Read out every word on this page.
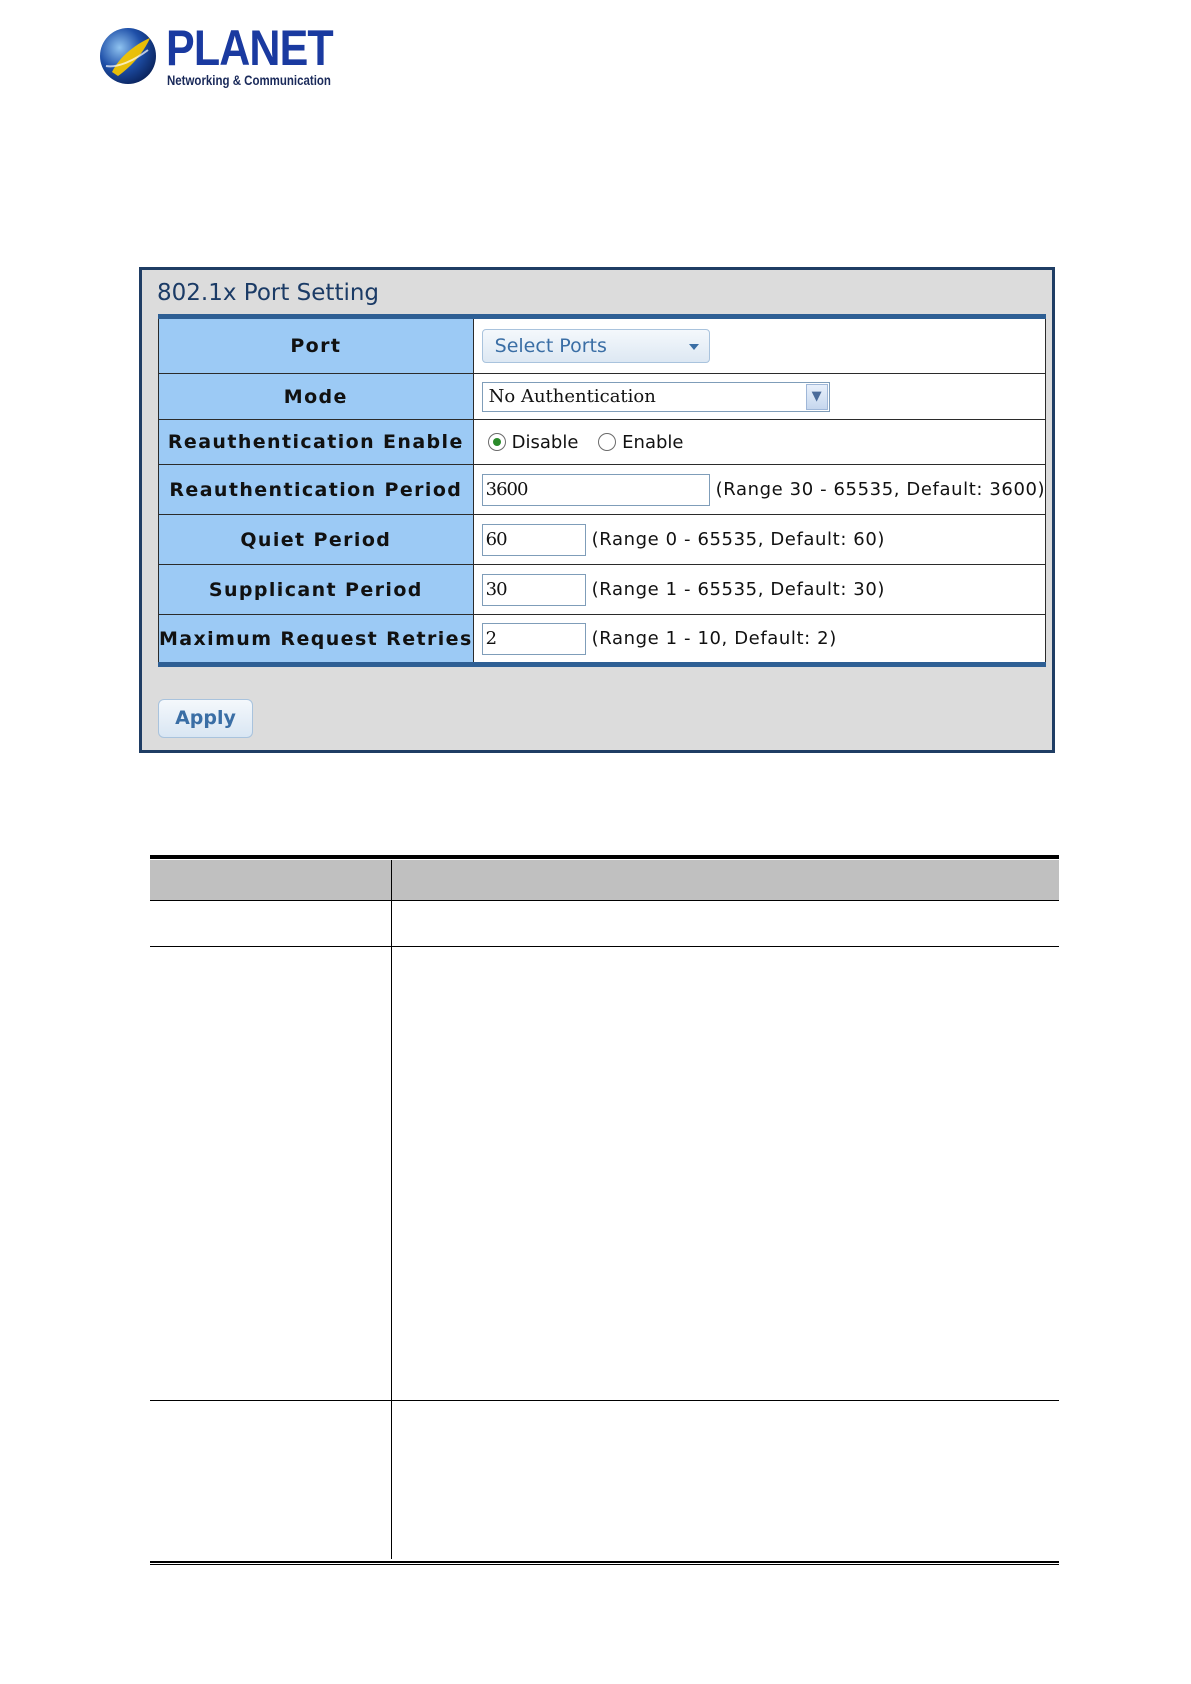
PLANET
Networking & Communication
802.1x Port Setting
Port	Select Ports

Mode	No Authentication ▼

Reauthentication Enable	Disable Enable
Reauthentication Period	3600 (Range 30 - 65535, Default: 3600)
Quiet Period	60 (Range 0 - 65535, Default: 60)
Supplicant Period	30 (Range 1 - 65535, Default: 30)
Maximum Request Retries	2 (Range 1 - 10, Default: 2)
Apply
